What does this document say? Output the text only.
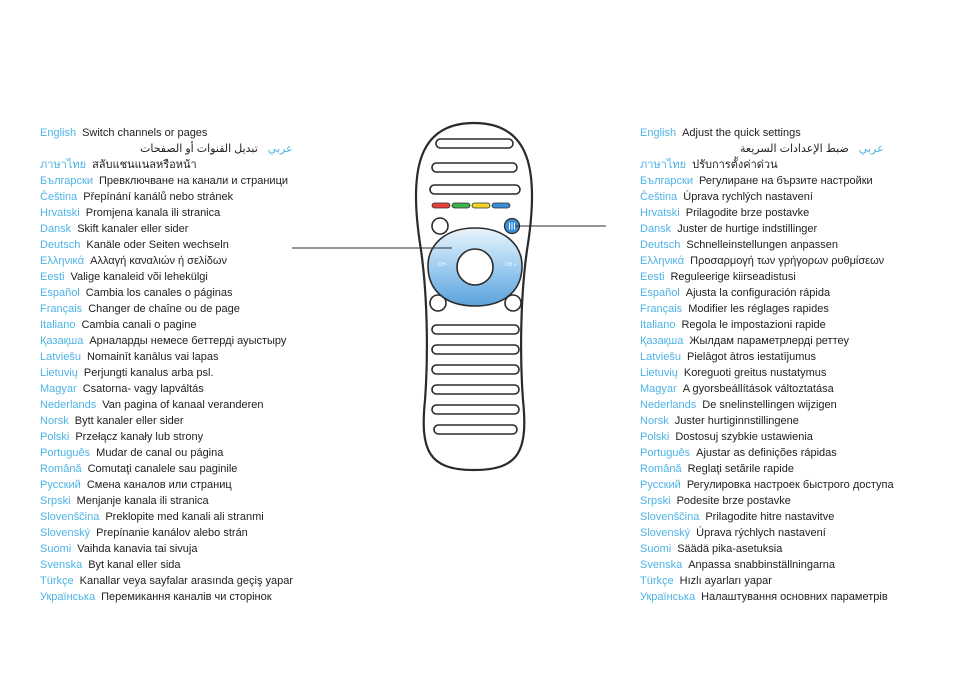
English Switch channels or pages
تبديل القنوات أو الصفحات عربي
ภาษาไทย สลับแชนแนลหรือหน้า
Български Превключване на канали и страници
Čeština Přepínání kanálů nebo stránek
Hrvatski Promjena kanala ili stranica
Dansk Skift kanaler eller sider
Deutsch Kanäle oder Seiten wechseln
Ελληνικά Αλλαγή καναλιών ή σελίδων
Eesti Valige kanaleid või lehekülgi
Español Cambia los canales o páginas
Français Changer de chaîne ou de page
Italiano Cambia canali o pagine
Қазақша Арналарды немесе беттерді ауыстыру
Latviešu Nomainīt kanālus vai lapas
Lietuvių Perjungti kanalus arba psl.
Magyar Csatorna- vagy lapváltás
Nederlands Van pagina of kanaal veranderen
Norsk Bytt kanaler eller sider
Polski Przełącz kanały lub strony
Português Mudar de canal ou página
Română Comutaţi canalele sau paginile
Русский Смена каналов или страниц
Srpski Menjanje kanala ili stranica
Slovenščina Preklopite med kanali ali stranmi
Slovenský Prepínanie kanálov alebo strán
Suomi Vaihda kanavia tai sivuja
Svenska Byt kanal eller sida
Türkçe Kanallar veya sayfalar arasında geçiş yapar
Українська Перемикання каналів чи сторінок
English Adjust the quick settings
ضبط الإعدادات السريعة عربي
ภาษาไทย ปรับการตั้งค่าด่วน
Български Регулиране на бързите настройки
Čeština Úprava rychlých nastavení
Hrvatski Prilagodite brze postavke
Dansk Juster de hurtige indstillinger
Deutsch Schnelleinstellungen anpassen
Ελληνικά Προσαρμογή των γρήγορων ρυθμίσεων
Eesti Reguleerige kiirseadistusi
Español Ajusta la configuración rápida
Français Modifier les réglages rapides
Italiano Regola le impostazioni rapide
Қазақша Жылдам параметрлерді реттеу
Latviešu Pielāgot ātros iestatījumus
Lietuvių Koreguoti greitus nustatymus
Magyar A gyorsbeállítások változtatása
Nederlands De snelinstellingen wijzigen
Norsk Juster hurtiginnstillingene
Polski Dostosuj szybkie ustawienia
Português Ajustar as definições rápidas
Română Reglaţi setările rapide
Русский Регулировка настроек быстрого доступа
Srpski Podesite brze postavke
Slovenščina Prilagodite hitre nastavitve
Slovenský Úprava rýchlych nastavení
Suomi Säädä pika-asetuksia
Svenska Anpassa snabbinställningarna
Türkçe Hızlı ayarları yapar
Українська Налаштування основних параметрів
CH -	CH +
